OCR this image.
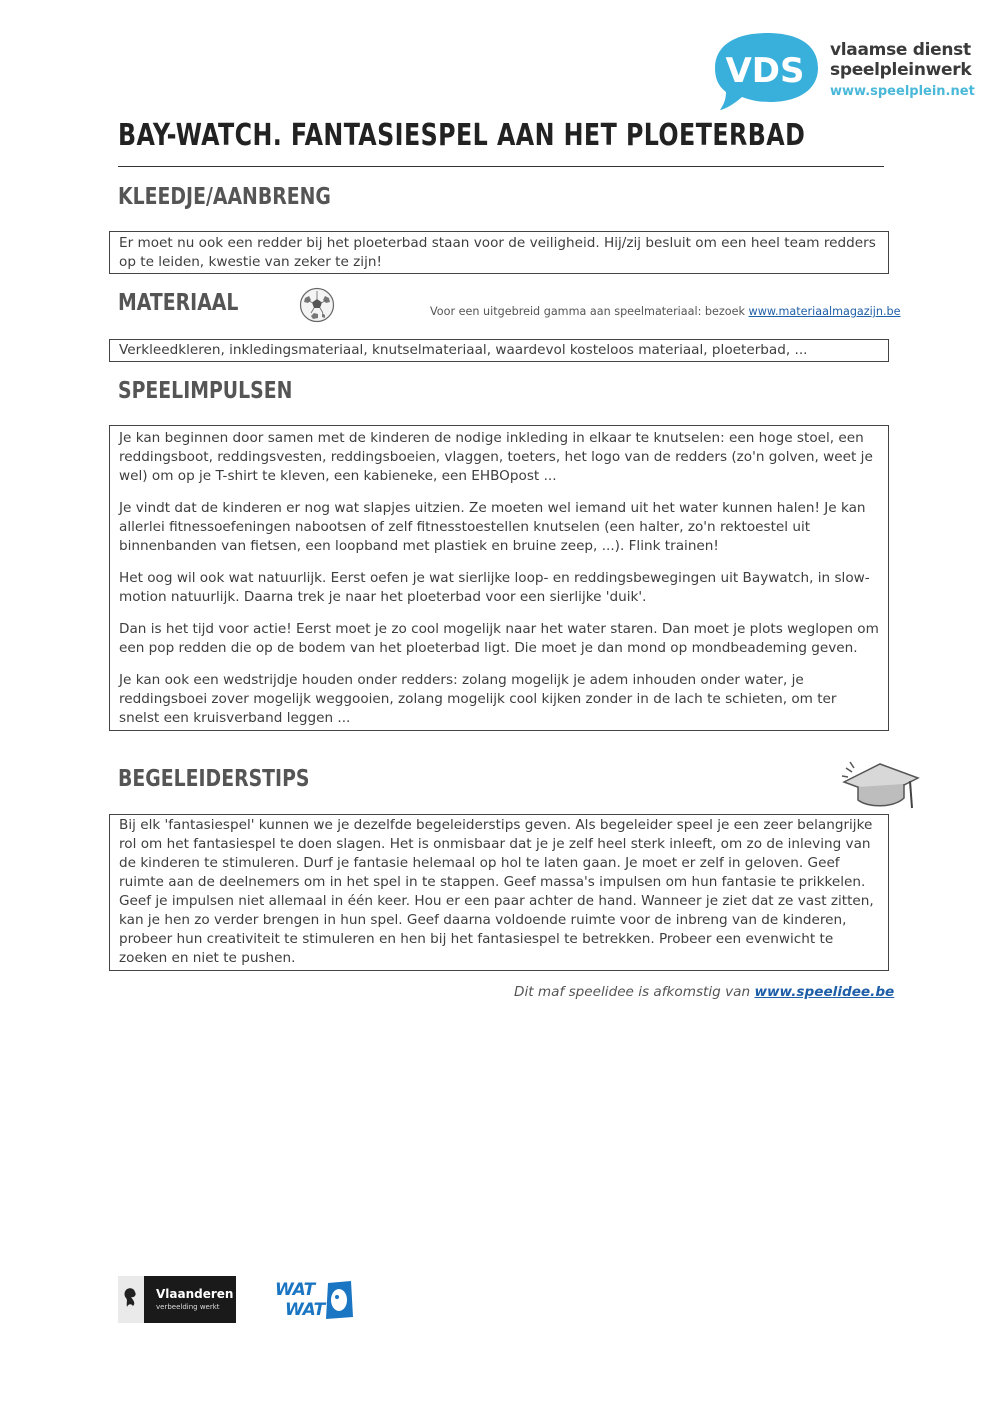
VDS
vlaamse dienst
speelpleinwerk
www.speelplein.net
BAY-WATCH. FANTASIESPEL AAN HET PLOETERBAD
KLEEDJE/AANBRENG

Er moet nu ook een redder bij het ploeterbad staan voor de veiligheid. Hij/zij besluit om een heel team redders op te leiden, kwestie van zeker te zijn!

MATERIAAL	Voor een uitgebreid gamma aan speelmateriaal: bezoek www.materiaalmagazijn.be

Verkleedkleren, inkledingsmateriaal, knutselmateriaal, waardevol kosteloos materiaal, ploeterbad, ...

SPEELIMPULSEN

Je kan beginnen door samen met de kinderen de nodige inkleding in elkaar te knutselen: een hoge stoel, een reddingsboot, reddingsvesten, reddingsboeien, vlaggen, toeters, het logo van de redders (zo'n golven, weet je wel) om op je T-shirt te kleven, een kabieneke, een EHBOpost ...

Je vindt dat de kinderen er nog wat slapjes uitzien. Ze moeten wel iemand uit het water kunnen halen! Je kan allerlei fitnessoefeningen nabootsen of zelf fitnesstoestellen knutselen (een halter, zo'n rektoestel uit binnenbanden van fietsen, een loopband met plastiek en bruine zeep, ...). Flink trainen!

Het oog wil ook wat natuurlijk. Eerst oefen je wat sierlijke loop- en reddingsbewegingen uit Baywatch, in slow-motion natuurlijk. Daarna trek je naar het ploeterbad voor een sierlijke 'duik'.

Dan is het tijd voor actie! Eerst moet je zo cool mogelijk naar het water staren. Dan moet je plots weglopen om een pop redden die op de bodem van het ploeterbad ligt. Die moet je dan mond op mondbeademing geven.

Je kan ook een wedstrijdje houden onder redders: zolang mogelijk je adem inhouden onder water, je reddingsboei zover mogelijk weggooien, zolang mogelijk cool kijken zonder in de lach te schieten, om ter snelst een kruisverband leggen ...

BEGELEIDERSTIPS

Bij elk 'fantasiespel' kunnen we je dezelfde begeleiderstips geven. Als begeleider speel je een zeer belangrijke rol om het fantasiespel te doen slagen. Het is onmisbaar dat je je zelf heel sterk inleeft, om zo de inleving van de kinderen te stimuleren. Durf je fantasie helemaal op hol te laten gaan. Je moet er zelf in geloven. Geef ruimte aan de deelnemers om in het spel in te stappen. Geef massa's impulsen om hun fantasie te prikkelen. Geef je impulsen niet allemaal in één keer. Hou er een paar achter de hand. Wanneer je ziet dat ze vast zitten, kan je hen zo verder brengen in hun spel. Geef daarna voldoende ruimte voor de inbreng van de kinderen, probeer hun creativiteit te stimuleren en hen bij het fantasiespel te betrekken. Probeer een evenwicht te zoeken en niet te pushen.

Dit maf speelidee is afkomstig van www.speelidee.be
Vlaanderen
verbeelding werkt
WAT
WAT
